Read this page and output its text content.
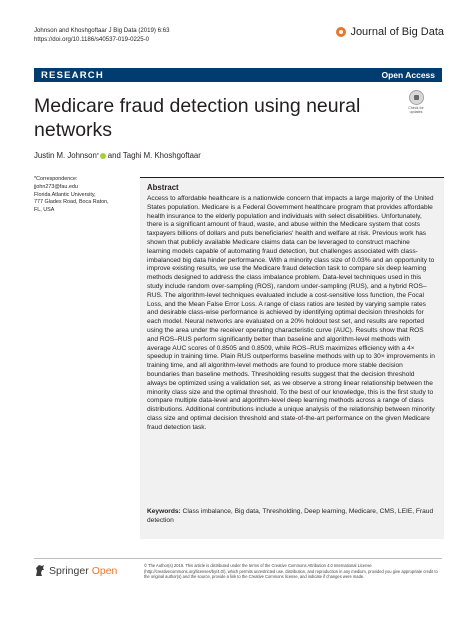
Johnson and Khoshgoftaar J Big Data (2019) 6:63
https://doi.org/10.1186/s40537-019-0225-0
Journal of Big Data
RESEARCH	Open Access
Medicare fraud detection using neural networks
Check for
updates
Justin M. Johnson * and Taghi M. Khoshgoftaar
*Correspondence:
jjohn273@fau.edu
Florida Atlantic University,
777 Glades Road, Boca Raton,
FL, USA
Abstract

Access to affordable healthcare is a nationwide concern that impacts a large majority of the United States population. Medicare is a Federal Government healthcare program that provides affordable health insurance to the elderly population and individuals with select disabilities. Unfortunately, there is a significant amount of fraud, waste, and abuse within the Medicare system that costs taxpayers billions of dollars and puts beneficiaries' health and welfare at risk. Previous work has shown that publicly available Medicare claims data can be leveraged to construct machine learning models capable of automating fraud detection, but challenges associated with class-imbalanced big data hinder performance. With a minority class size of 0.03% and an opportunity to improve existing results, we use the Medicare fraud detection task to compare six deep learning methods designed to address the class imbalance problem. Data-level techniques used in this study include random over-sampling (ROS), random under-sampling (RUS), and a hybrid ROS–RUS. The algorithm-level techniques evaluated include a cost-sensitive loss function, the Focal Loss, and the Mean False Error Loss. A range of class ratios are tested by varying sample rates and desirable class-wise performance is achieved by identifying optimal decision thresholds for each model. Neural networks are evaluated on a 20% holdout test set, and results are reported using the area under the receiver operating characteristic curve (AUC). Results show that ROS and ROS–RUS perform significantly better than baseline and algorithm-level methods with average AUC scores of 0.8505 and 0.8509, while ROS–RUS maximizes efficiency with a 4× speedup in training time. Plain RUS outperforms baseline methods with up to 30× improvements in training time, and all algorithm-level methods are found to produce more stable decision boundaries than baseline methods. Thresholding results suggest that the decision threshold always be optimized using a validation set, as we observe a strong linear relationship between the minority class size and the optimal threshold. To the best of our knowledge, this is the first study to compare multiple data-level and algorithm-level deep learning methods across a range of class distributions. Additional contributions include a unique analysis of the relationship between minority class size and optimal decision threshold and state-of-the-art performance on the given Medicare fraud detection task.

Keywords: Class imbalance, Big data, Thresholding, Deep learning, Medicare, CMS, LEIE, Fraud detection
Springer Open	© The Author(s) 2019. This article is distributed under the terms of the Creative Commons Attribution 4.0 International License (http://creativecommons.org/licenses/by/4.0/), which permits unrestricted use, distribution, and reproduction in any medium, provided you give appropriate credit to the original author(s) and the source, provide a link to the Creative Commons license, and indicate if changes were made.
